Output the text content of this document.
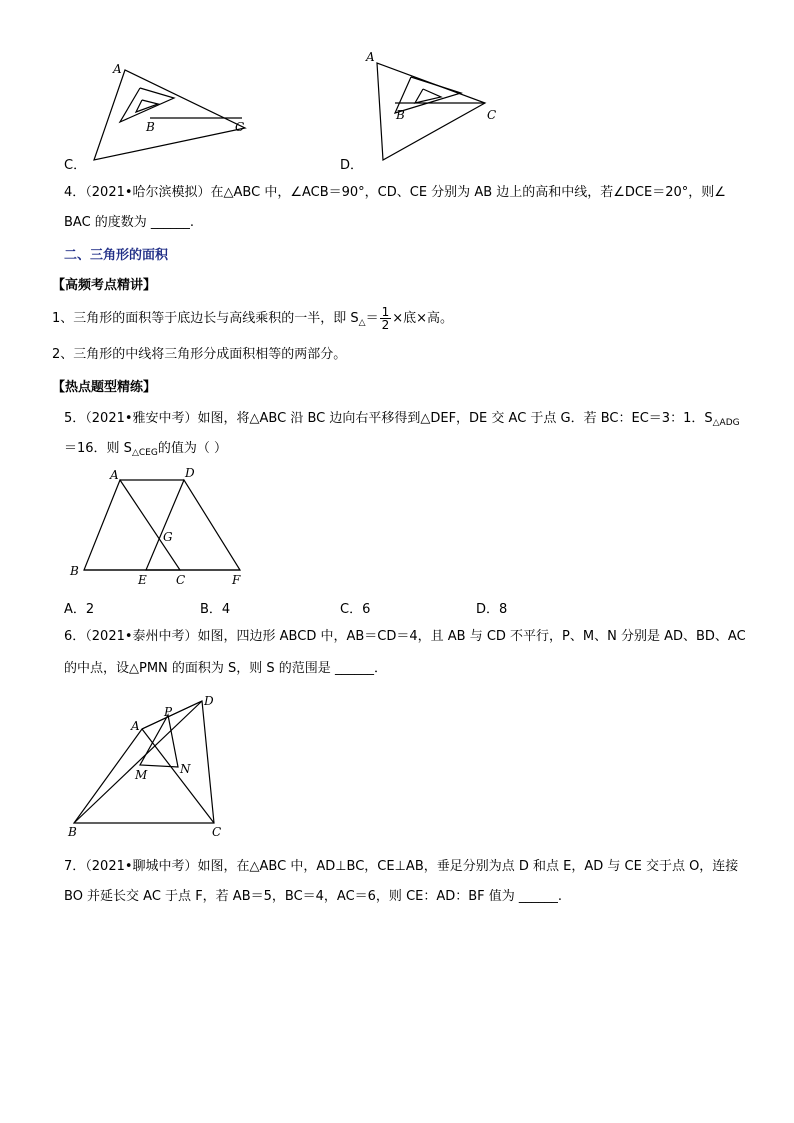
A
B	C
C．
A
B	C
D．
4．（2021•哈尔滨模拟）在△ABC 中，∠ACB＝90°，CD、CE 分别为 AB 边上的高和中线，若∠DCE＝20°，则∠
BAC 的度数为 ______.
二、三角形的面积
【高频考点精讲】
1、三角形的面积等于底边长与高线乘积的一半，即 $S_\triangle= \frac{1}{2}$ ×底×高。
2、三角形的中线将三角形分成面积相等的两部分。
【热点题型精练】
5．（2021•雅安中考）如图，将△ABC 沿 BC 边向右平移得到△DEF，DE 交 AC 于点 G．若 BC：EC＝3：1．$S_{\triangle ADG}$
＝16．则 $S_{\triangle CEG}$的值为（ ）
A	D
G
B
E C	F
A．2	B．4	C．6	D．8
6．（2021•泰州中考）如图，四边形 ABCD 中，AB＝CD＝4，且 AB 与 CD 不平行，P、M、N 分别是 AD、BD、AC
的中点，设△PMN 的面积为 S，则 S 的范围是 ______．
A
P
D
M	N
B	C
7．（2021•聊城中考）如图，在△ABC 中，AD⊥BC，CE⊥AB，垂足分别为点 D 和点 E，AD 与 CE 交于点 O，连接
BO 并延长交 AC 于点 F，若 AB＝5，BC＝4，AC＝6，则 CE：AD：BF 值为 ______.
